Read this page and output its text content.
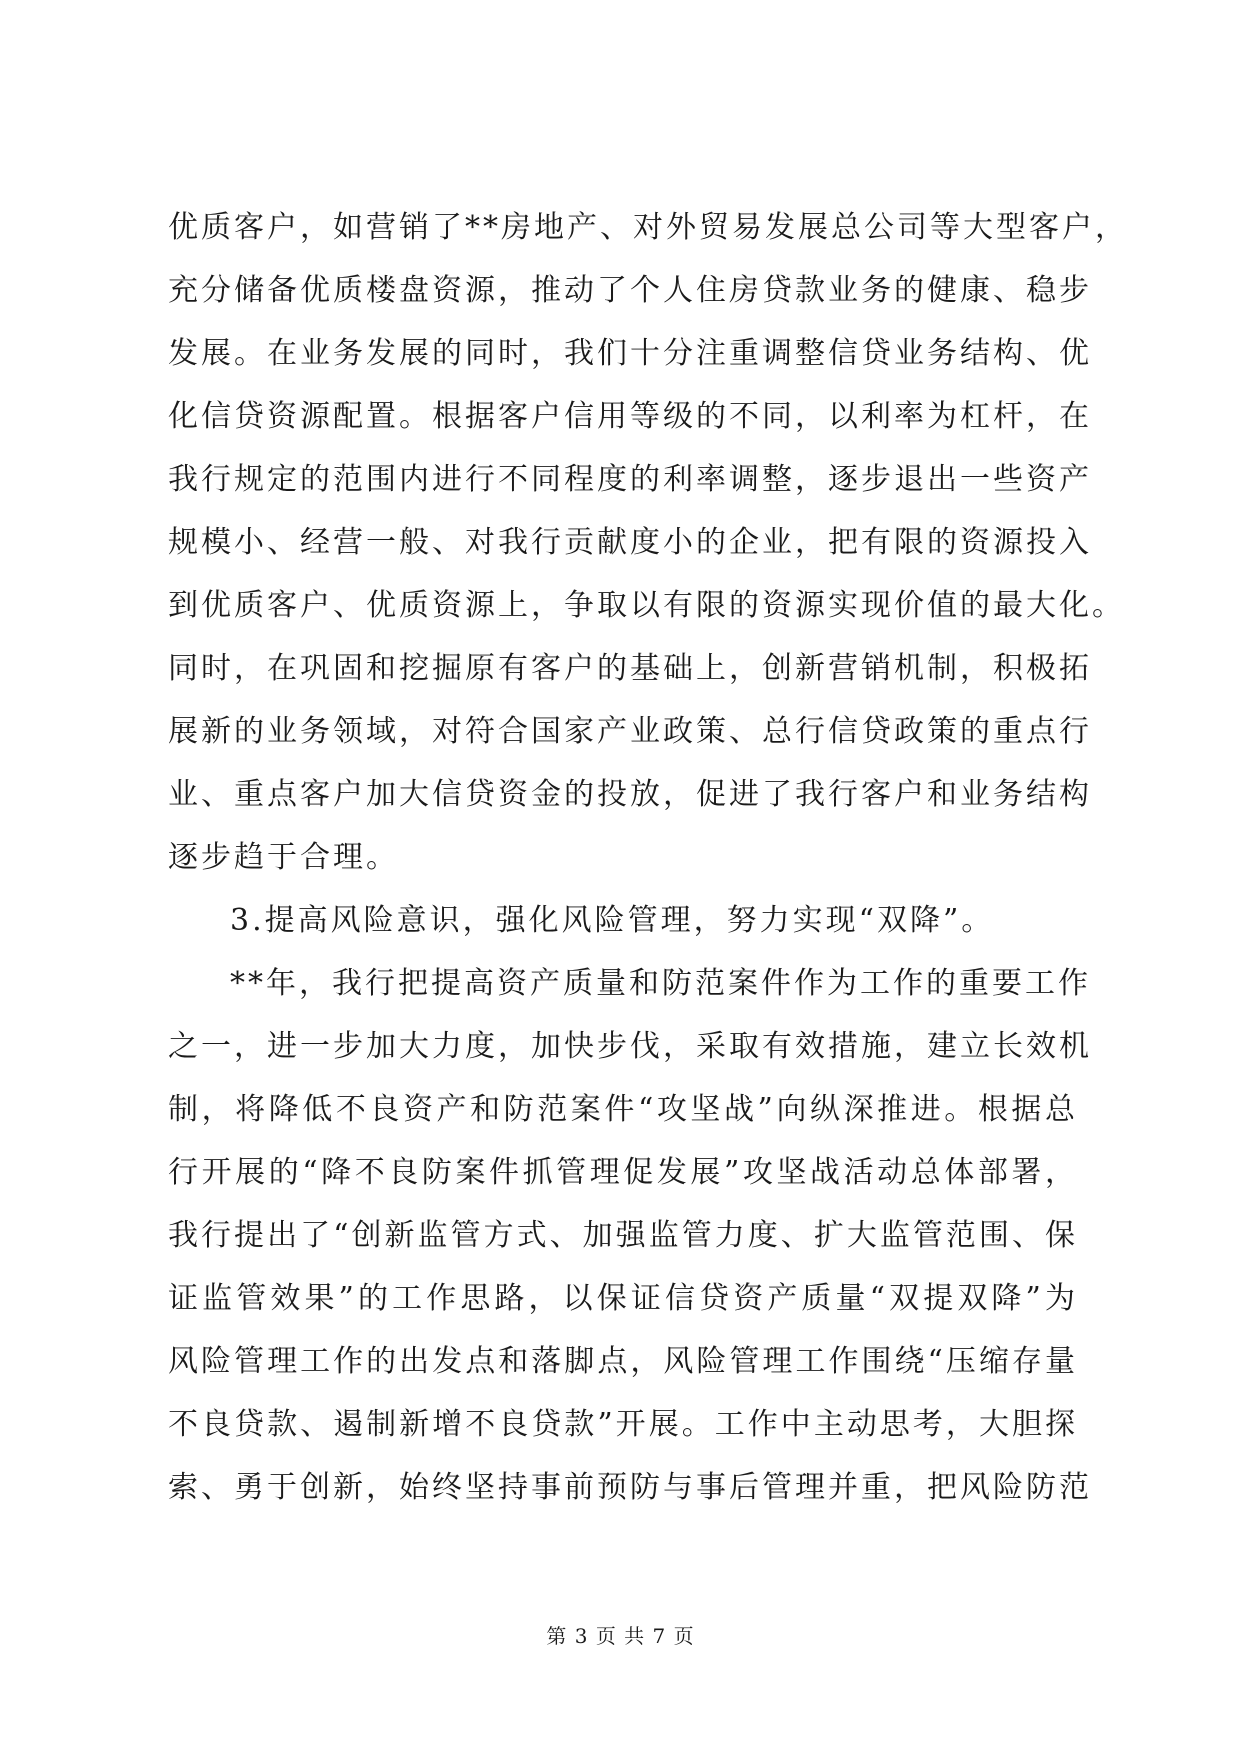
优质客户，如营销了**房地产、对外贸易发展总公司等大型客户，
充分储备优质楼盘资源，推动了个人住房贷款业务的健康、稳步
发展。在业务发展的同时，我们十分注重调整信贷业务结构、优
化信贷资源配置。根据客户信用等级的不同，以利率为杠杆，在
我行规定的范围内进行不同程度的利率调整，逐步退出一些资产
规模小、经营一般、对我行贡献度小的企业，把有限的资源投入
到优质客户、优质资源上，争取以有限的资源实现价值的最大化。
同时，在巩固和挖掘原有客户的基础上，创新营销机制，积极拓
展新的业务领域，对符合国家产业政策、总行信贷政策的重点行
业、重点客户加大信贷资金的投放，促进了我行客户和业务结构
逐步趋于合理。
3.提高风险意识，强化风险管理，努力实现“双降”。
**年，我行把提高资产质量和防范案件作为工作的重要工作
之一，进一步加大力度，加快步伐，采取有效措施，建立长效机
制，将降低不良资产和防范案件“攻坚战”向纵深推进。根据总
行开展的“降不良防案件抓管理促发展”攻坚战活动总体部署，
我行提出了“创新监管方式、加强监管力度、扩大监管范围、保
证监管效果”的工作思路，以保证信贷资产质量“双提双降”为
风险管理工作的出发点和落脚点，风险管理工作围绕“压缩存量
不良贷款、遏制新增不良贷款”开展。工作中主动思考，大胆探
索、勇于创新，始终坚持事前预防与事后管理并重，把风险防范
第 3 页 共 7 页
